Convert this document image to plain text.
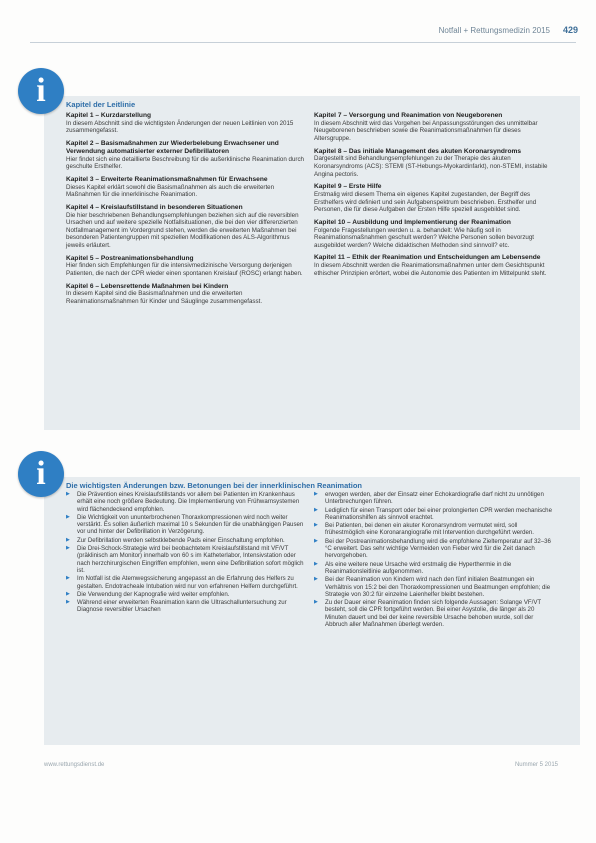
Notfall + Rettungsmedizin 2015 429
Kapitel der Leitlinie
Kapitel 1 – Kurzdarstellung

In diesem Abschnitt sind die wichtigsten Änderungen der neuen Leitlinien von 2015 zusammengefasst.

Kapitel 2 – Basismaßnahmen zur Wiederbelebung Erwachsener und Verwendung automatisierter externer Defibrillatoren

Hier findet sich eine detaillierte Beschreibung für die außerklinische Reanimation durch geschulte Ersthelfer.

Kapitel 3 – Erweiterte Reanimationsmaßnahmen für Erwachsene

Dieses Kapitel erklärt sowohl die Basismaßnahmen als auch die erweiterten Maßnahmen für die innerklinische Reanimation.

Kapitel 4 – Kreislaufstillstand in besonderen Situationen

Die hier beschriebenen Behandlungsempfehlungen beziehen sich auf die reversiblen Ursachen und auf weitere spezielle Notfallsituationen, die bei den vier differenzierten Notfallmanagement im Vordergrund stehen, werden die erweiterten Maßnahmen bei besonderen Patientengruppen mit speziellen Modifikationen des ALS-Algorithmus jeweils erläutert.

Kapitel 5 – Postreanimationsbehandlung

Hier finden sich Empfehlungen für die intensivmedizinische Versorgung derjenigen Patienten, die nach der CPR wieder einen spontanen Kreislauf (ROSC) erlangt haben.

Kapitel 6 – Lebensrettende Maßnahmen bei Kindern

In diesem Kapitel sind die Basismaßnahmen und die erweiterten Reanimationsmaßnahmen für Kinder und Säuglinge zusammengefasst.

Kapitel 7 – Versorgung und Reanimation von Neugeborenen

In diesem Abschnitt wird das Vorgehen bei Anpassungsstörungen des unmittelbar Neugeborenen beschrieben sowie die Reanimationsmaßnahmen für dieses Altersgruppe.

Kapitel 8 – Das initiale Management des akuten Koronarsyndroms

Dargestellt sind Behandlungsempfehlungen zu der Therapie des akuten Koronarsyndroms (ACS): STEMI (ST-Hebungs-Myokardinfarkt), non-STEMI, instabile Angina pectoris.

Kapitel 9 – Erste Hilfe

Erstmalig wird diesem Thema ein eigenes Kapitel zugestanden, der Begriff des Ersthelfers wird definiert und sein Aufgabenspektrum beschrieben. Ersthelfer und Personen, die für diese Aufgaben der Ersten Hilfe speziell ausgebildet sind.

Kapitel 10 – Ausbildung und Implementierung der Reanimation

Folgende Fragestellungen werden u. a. behandelt: Wie häufig soll in Reanimationsmaßnahmen geschult werden? Welche Personen sollen bevorzugt ausgebildet werden? Welche didaktischen Methoden sind sinnvoll? etc.

Kapitel 11 – Ethik der Reanimation und Entscheidungen am Lebensende

In diesem Abschnitt werden die Reanimationsmaßnahmen unter dem Gesichtspunkt ethischer Prinzipien erörtert, wobei die Autonomie des Patienten im Mittelpunkt steht.

i
Die wichtigsten Änderungen bzw. Betonungen bei der innerklinischen Reanimation
▶ Die Prävention eines Kreislaufstillstands vor allem bei Patienten im Krankenhaus erhält eine noch größere Bedeutung. Die Implementierung von Frühwarnsystemen wird flächendeckend empfohlen.
▶ Die Wichtigkeit von ununterbrochenen Thoraxkompressionen wird noch weiter verstärkt. Es sollen äußerlich maximal 10 s Sekunden für die unabhängigen Pausen vor und hinter der Defibrillation in Verzögerung.
▶ Zur Defibrillation werden selbstklebende Pads einer Einschaltung empfohlen.
▶ Die Drei-Schock-Strategie wird bei beobachtetem Kreislaufstillstand mit VF/VT (präklinisch am Monitor) innerhalb von 60 s im Katheterlabor, Intensivstation oder nach herzchirurgischen Eingriffen empfohlen, wenn eine Defibrillation sofort möglich ist.
▶ Im Notfall ist die Atemwegssicherung angepasst an die Erfahrung des Helfers zu gestalten. Endotracheale Intubation wird nur von erfahrenen Helfern durchgeführt.
▶ Die Verwendung der Kapnografie wird weiter empfohlen.
▶ Während einer erweiterten Reanimation kann die Ultraschalluntersuchung zur Diagnose reversibler Ursachen
▶ erwogen werden, aber der Einsatz einer Echokardiografie darf nicht zu unnötigen Unterbrechungen führen.
▶ Lediglich für einen Transport oder bei einer prolongierten CPR werden mechanische Reanimationshilfen als sinnvoll erachtet.
▶ Bei Patienten, bei denen ein akuter Koronarsyndrom vermutet wird, soll frühestmöglich eine Koronarangiografie mit Intervention durchgeführt werden.
▶ Bei der Postreanimationsbehandlung wird die empfohlene Zieltemperatur auf 32–36 °C erweitert. Das sehr wichtige Vermeiden von Fieber wird für die Zeit danach hervorgehoben.
▶ Als eine weitere neue Ursache wird erstmalig die Hyperthermie in die Reanimationsleitlinie aufgenommen.
▶ Bei der Reanimation von Kindern wird nach den fünf initialen Beatmungen ein Verhältnis von 15:2 bei den Thoraxkompressionen und Beatmungen empfohlen; die Strategie von 30:2 für einzelne Laienhelfer bleibt bestehen.
▶ Zu der Dauer einer Reanimation finden sich folgende Aussagen: Solange VF/VT besteht, soll die CPR fortgeführt werden. Bei einer Asystolie, die länger als 20 Minuten dauert und bei der keine reversible Ursache behoben wurde, soll der Abbruch aller Maßnahmen überlegt werden.
i
www.rettungsdienst.de	Nummer 5 2015
